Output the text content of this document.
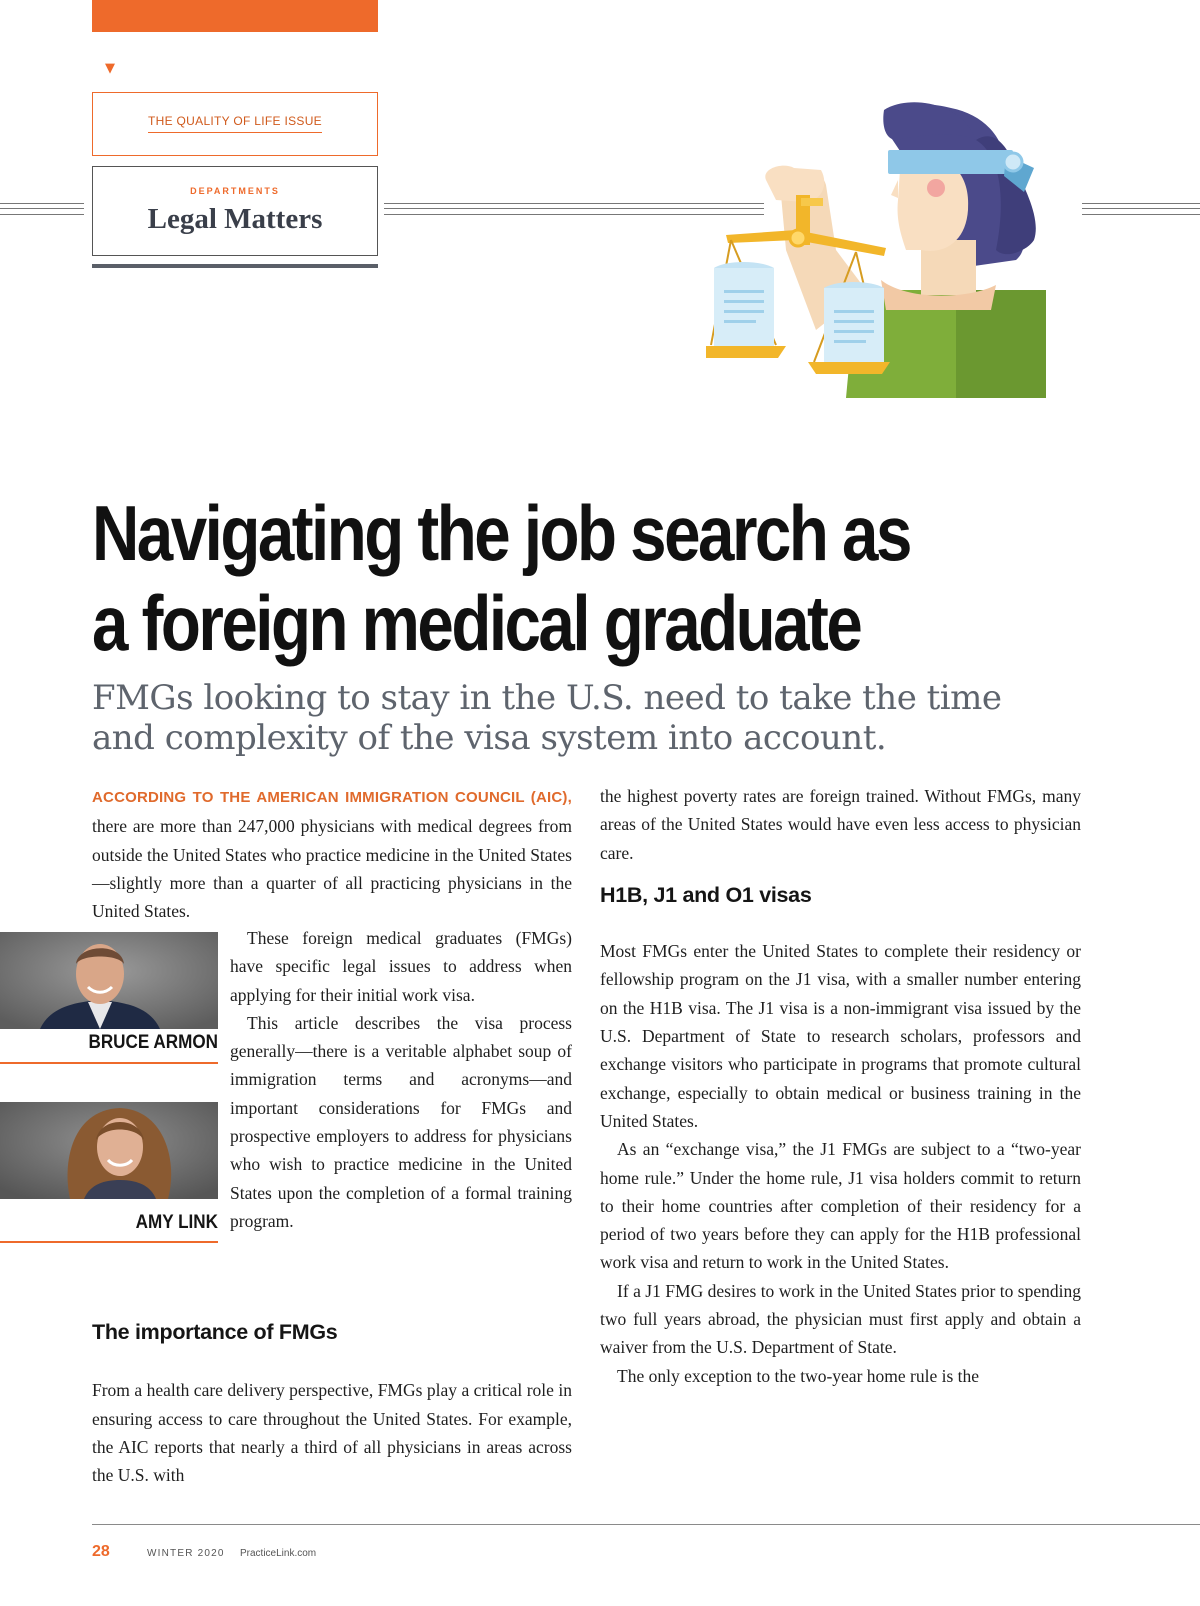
▼
THE QUALITY OF LIFE ISSUE
DEPARTMENTS
Legal Matters
Navigating the job search as
a foreign medical graduate
FMGs looking to stay in the U.S. need to take the time
and complexity of the visa system into account.

ACCORDING TO THE AMERICAN IMMIGRATION COUNCIL (AIC), there are more than 247,000 physicians with medical degrees from outside the United States who practice medicine in the United States—slightly more than a quarter of all practicing physicians in the United States.

BRUCE ARMON
AMY LINK

These foreign medical graduates (FMGs) have specific legal issues to address when applying for their initial work visa.

This article describes the visa process generally—there is a veritable alphabet soup of immigration terms and acronyms—and important considerations for FMGs and prospective employers to address for physicians who wish to practice medicine in the United States upon the completion of a formal training program.

The importance of FMGs

From a health care delivery perspective, FMGs play a critical role in ensuring access to care throughout the United States. For example, the AIC reports that nearly a third of all physicians in areas across the U.S. with

the highest poverty rates are foreign trained. Without FMGs, many areas of the United States would have even less access to physician care.

H1B, J1 and O1 visas

Most FMGs enter the United States to complete their residency or fellowship program on the J1 visa, with a smaller number entering on the H1B visa. The J1 visa is a non-immigrant visa issued by the U.S. Department of State to research scholars, professors and exchange visitors who participate in programs that promote cultural exchange, especially to obtain medical or business training in the United States.

As an “exchange visa,” the J1 FMGs are subject to a “two-year home rule.” Under the home rule, J1 visa holders commit to return to their home countries after completion of their residency for a period of two years before they can apply for the H1B professional work visa and return to work in the United States.

If a J1 FMG desires to work in the United States prior to spending two full years abroad, the physician must first apply and obtain a waiver from the U.S. Department of State.

The only exception to the two-year home rule is the

28	WINTER 2020 PracticeLink.com
